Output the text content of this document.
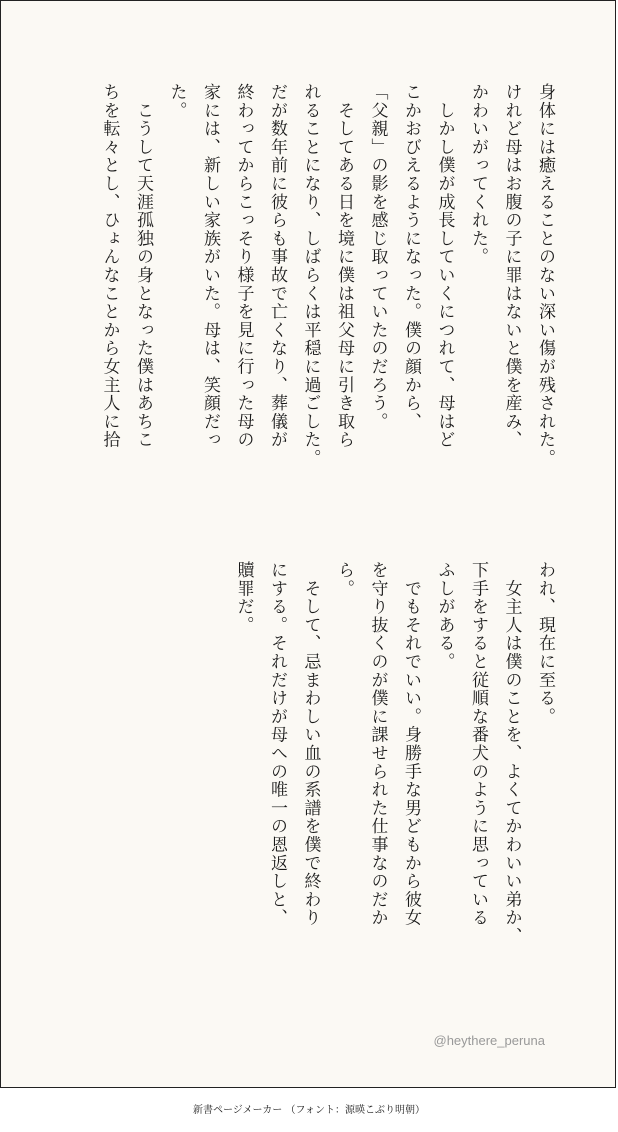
身体には癒えることのない深い傷が残された。
けれど母はお腹の子に罪はないと僕を産み、
かわいがってくれた。
　しかし僕が成長していくにつれて、母はど
こかおびえるようになった。僕の顔から、
「父親」の影を感じ取っていたのだろう。
　そしてある日を境に僕は祖父母に引き取ら
れることになり、しばらくは平穏に過ごした。
だが数年前に彼らも事故で亡くなり、葬儀が
終わってからこっそり様子を見に行った母の
家には、新しい家族がいた。母は、笑顔だっ
た。
　こうして天涯孤独の身となった僕はあちこ
ちを転々とし、ひょんなことから女主人に拾
われ、現在に至る。
　女主人は僕のことを、よくてかわいい弟か、
下手をすると従順な番犬のように思っている
ふしがある。
　でもそれでいい。身勝手な男どもから彼女
を守り抜くのが僕に課せられた仕事なのだか
ら。
　そして、忌まわしい血の系譜を僕で終わり
にする。それだけが母への唯一の恩返しと、
贖罪だ。
@heythere_peruna
新書ページメーカー （フォント：源暎こぶり明朝）
